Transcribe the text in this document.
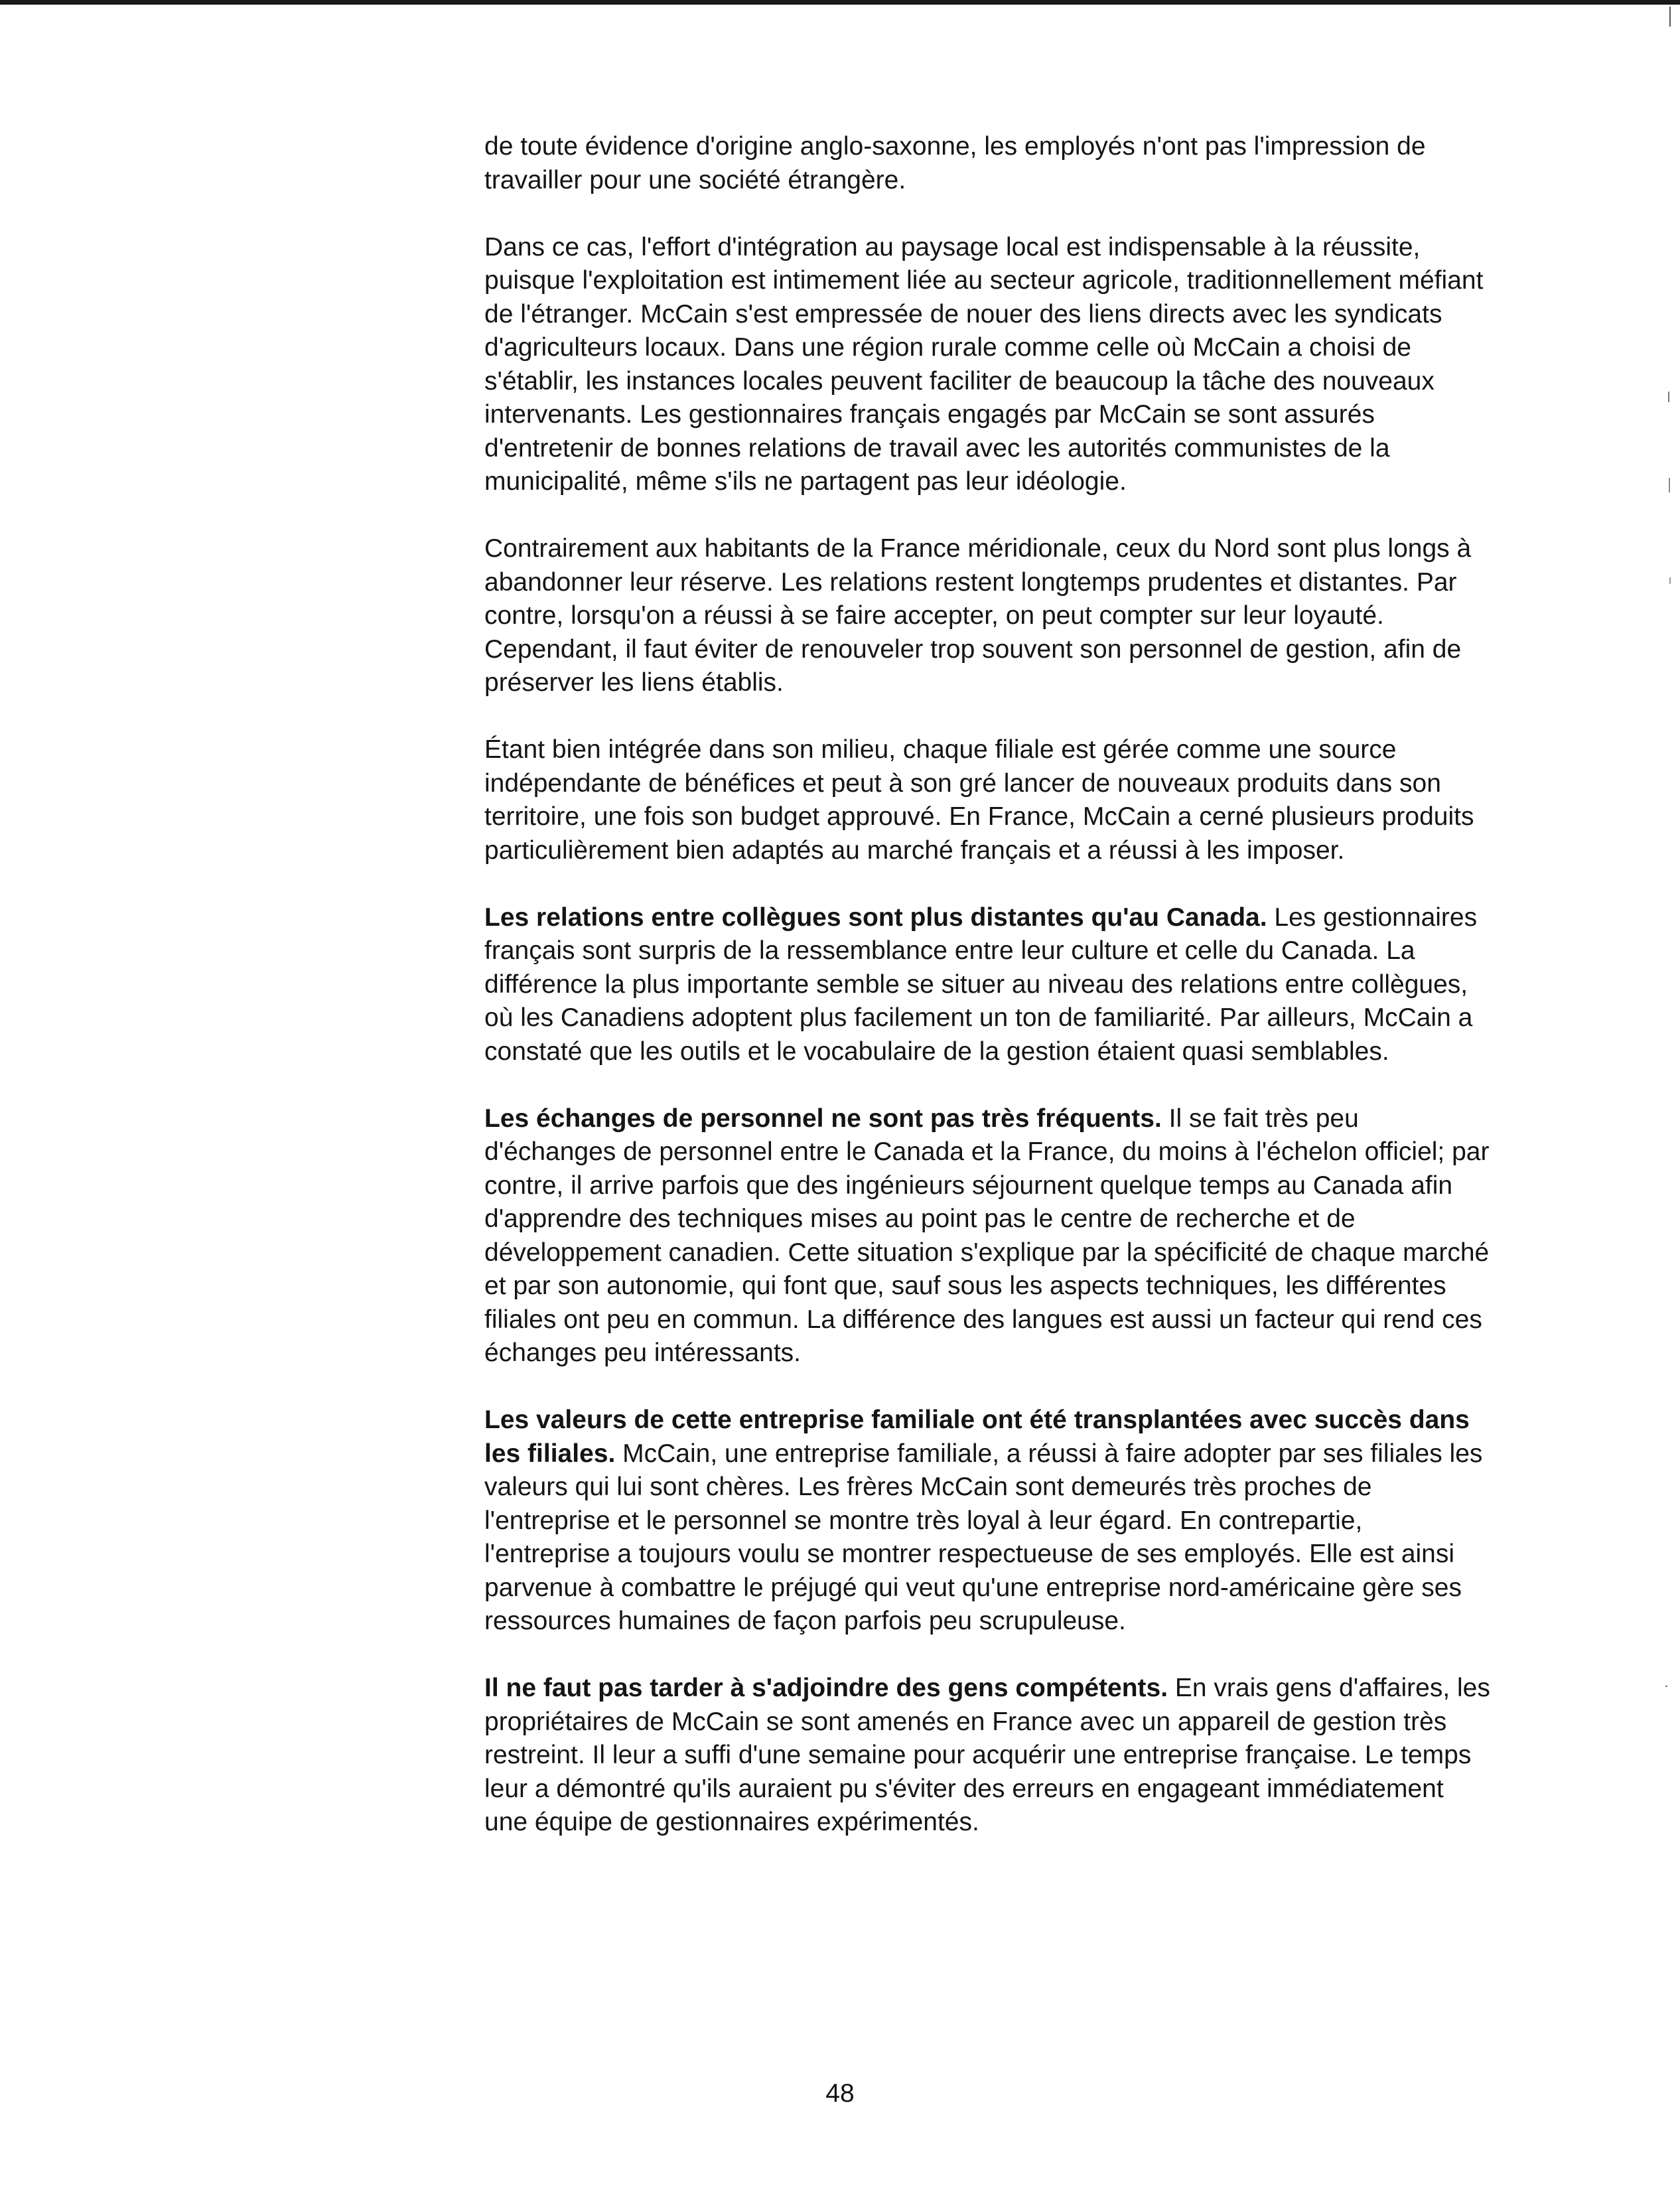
de toute évidence d'origine anglo-saxonne, les employés n'ont pas l'impression de travailler pour une société étrangère.

Dans ce cas, l'effort d'intégration au paysage local est indispensable à la réussite, puisque l'exploitation est intimement liée au secteur agricole, traditionnellement méfiant de l'étranger. McCain s'est empressée de nouer des liens directs avec les syndicats d'agriculteurs locaux. Dans une région rurale comme celle où McCain a choisi de s'établir, les instances locales peuvent faciliter de beaucoup la tâche des nouveaux intervenants. Les gestionnaires français engagés par McCain se sont assurés d'entretenir de bonnes relations de travail avec les autorités communistes de la municipalité, même s'ils ne partagent pas leur idéologie.

Contrairement aux habitants de la France méridionale, ceux du Nord sont plus longs à abandonner leur réserve. Les relations restent longtemps prudentes et distantes. Par contre, lorsqu'on a réussi à se faire accepter, on peut compter sur leur loyauté. Cependant, il faut éviter de renouveler trop souvent son personnel de gestion, afin de préserver les liens établis.

Étant bien intégrée dans son milieu, chaque filiale est gérée comme une source indépendante de bénéfices et peut à son gré lancer de nouveaux produits dans son territoire, une fois son budget approuvé. En France, McCain a cerné plusieurs produits particulièrement bien adaptés au marché français et a réussi à les imposer.

Les relations entre collègues sont plus distantes qu'au Canada. Les gestionnaires français sont surpris de la ressemblance entre leur culture et celle du Canada. La différence la plus importante semble se situer au niveau des relations entre collègues, où les Canadiens adoptent plus facilement un ton de familiarité. Par ailleurs, McCain a constaté que les outils et le vocabulaire de la gestion étaient quasi semblables.

Les échanges de personnel ne sont pas très fréquents. Il se fait très peu d'échanges de personnel entre le Canada et la France, du moins à l'échelon officiel; par contre, il arrive parfois que des ingénieurs séjournent quelque temps au Canada afin d'apprendre des techniques mises au point pas le centre de recherche et de développement canadien. Cette situation s'explique par la spécificité de chaque marché et par son autonomie, qui font que, sauf sous les aspects techniques, les différentes filiales ont peu en commun. La différence des langues est aussi un facteur qui rend ces échanges peu intéressants.

Les valeurs de cette entreprise familiale ont été transplantées avec succès dans les filiales. McCain, une entreprise familiale, a réussi à faire adopter par ses filiales les valeurs qui lui sont chères. Les frères McCain sont demeurés très proches de l'entreprise et le personnel se montre très loyal à leur égard. En contrepartie, l'entreprise a toujours voulu se montrer respectueuse de ses employés. Elle est ainsi parvenue à combattre le préjugé qui veut qu'une entreprise nord-américaine gère ses ressources humaines de façon parfois peu scrupuleuse.

Il ne faut pas tarder à s'adjoindre des gens compétents. En vrais gens d'affaires, les propriétaires de McCain se sont amenés en France avec un appareil de gestion très restreint. Il leur a suffi d'une semaine pour acquérir une entreprise française. Le temps leur a démontré qu'ils auraient pu s'éviter des erreurs en engageant immédiatement une équipe de gestionnaires expérimentés.

48
